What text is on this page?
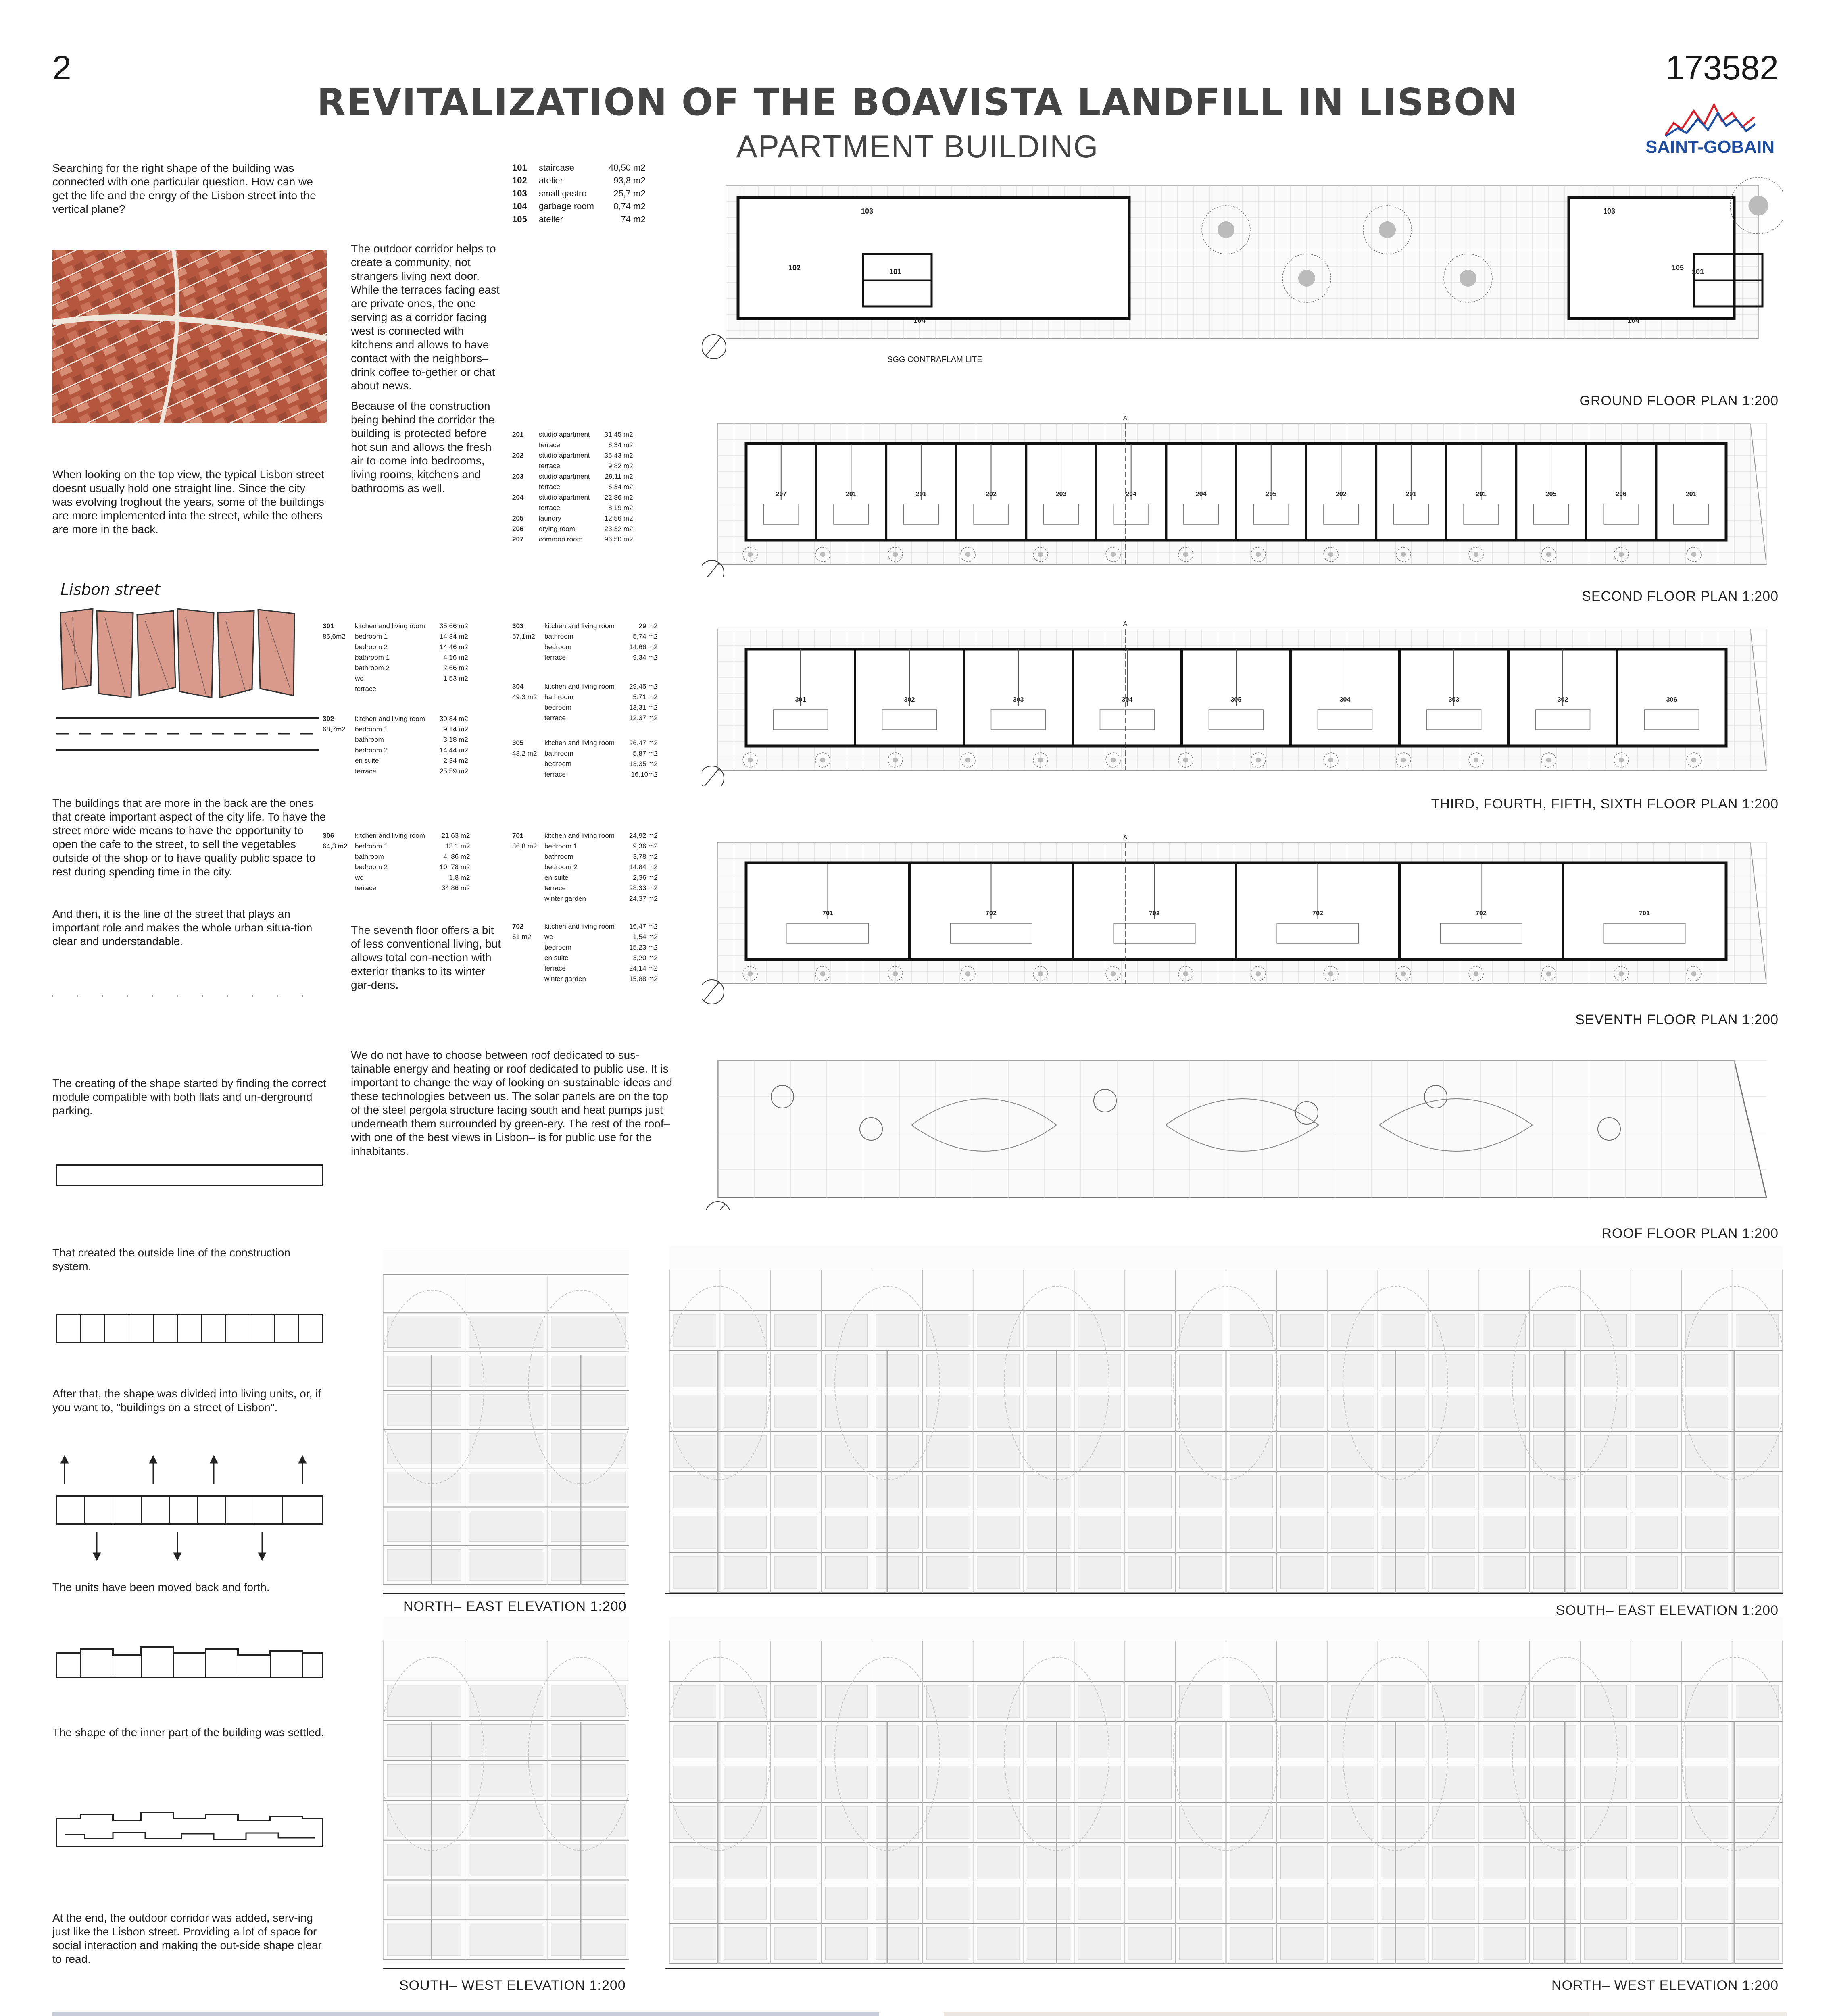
2	173582
REVITALIZATION OF THE BOAVISTA LANDFILL IN LISBON
APARTMENT BUILDING	SAINT-GOBAIN
Searching for the right shape of the building was connected with one particular question. How can we get the life and the enrgy of the Lisbon street into the vertical plane?
When looking on the top view, the typical Lisbon street doesnt usually hold one straight line. Since the city was evolving troghout the years, some of the buildings are more implemented into the street, while the others are more in the back.
Lisbon street
The buildings that are more in the back are the ones that create important aspect of the city life. To have the street more wide means to have the opportunity to open the cafe to the street, to sell the vegetables outside of the shop or to have quality public space to rest during spending time in the city.
And then, it is the line of the street that plays an important role and makes the whole urban situa-tion clear and understandable.
The creating of the shape started by finding the correct module compatible with both flats and un-derground parking.
That created the outside line of the construction system.
After that, the shape was divided into living units, or, if you want to, "buildings on a street of Lisbon".
The units have been moved back and forth.
The shape of the inner part of the building was settled.
At the end, the outdoor corridor was added, serv-ing just like the Lisbon street. Providing a lot of space for social interaction and making the out-side shape clear to read.
The outdoor corridor helps to create a community, not strangers living next door. While the terraces facing east are private ones, the one serving as a corridor facing west is connected with kitchens and allows to have contact with the neighbors– drink coffee to-gether or chat about news.
Because of the construction being behind the corridor the building is protected before hot sun and allows the fresh air to come into bedrooms, living rooms, kitchens and bathrooms as well.
The seventh floor offers a bit of less conventional living, but allows total con-nection with exterior thanks to its winter gar-dens.
We do not have to choose between roof dedicated to sus-tainable energy and heating or roof dedicated to public use. It is important to change the way of looking on sustainable ideas and these technologies between us. The solar panels are on the top of the steel pergola structure facing south and heat pumps just underneath them surrounded by green-ery. The rest of the roof– with one of the best views in Lisbon– is for public use for the inhabitants.
101	staircase	40,50 m2
102	atelier	93,8 m2
103	small gastro	25,7 m2
104	garbage room	8,74 m2
105	atelier	74 m2
201	studio apartment	31,45 m2
	terrace	6,34 m2
202	studio apartment	35,43 m2
	terrace	9,82 m2
203	studio apartment	29,11 m2
	terrace	6,34 m2
204	studio apartment	22,86 m2
	terrace	8,19 m2
205	laundry	12,56 m2
206	drying room	23,32 m2
207	common room	96,50 m2
301	kitchen and living room	35,66 m2
85,6m2	bedroom 1	14,84 m2
	bedroom 2	14,46 m2
	bathroom 1	4,16 m2
	bathroom 2	2,66 m2
	wc	1,53 m2
	terrace	
302	kitchen and living room	30,84 m2
68,7m2	bedroom 1	9,14 m2
	bathroom	3,18 m2
	bedroom 2	14,44 m2
	en suite	2,34 m2
	terrace	25,59 m2
303	kitchen and living room	29 m2
57,1m2	bathroom	5,74 m2
	bedroom	14,66 m2
	terrace	9,34 m2
304	kitchen and living room	29,45 m2
49,3 m2	bathroom	5,71 m2
	bedroom	13,31 m2
	terrace	12,37 m2
305	kitchen and living room	26,47 m2
48,2 m2	bathroom	5,87 m2
	bedroom	13,35 m2
	terrace	16,10m2
306	kitchen and living room	21,63 m2
64,3 m2	bedroom 1	13,1 m2
	bathroom	4, 86 m2
	bedroom 2	10, 78 m2
	wc	1,8 m2
	terrace	34,86 m2
701	kitchen and living room	24,92 m2
86,8 m2	bedroom 1	9,36 m2
	bathroom	3,78 m2
	bedroom 2	14,84 m2
	en suite	2,36 m2
	terrace	28,33 m2
	winter garden	24,37 m2
702	kitchen and living room	16,47 m2
61 m2	wc	1,54 m2
	bedroom	15,23 m2
	en suite	3,20 m2
	terrace	24,14 m2
	winter garden	15,88 m2
103
102	101
104
103
101
104
105
SGG CONTRAFLAM LITE
GROUND FLOOR PLAN 1:200
207	201	201	202	203	204	204	205	202	201	201	205	206	201
A
SECOND FLOOR PLAN 1:200
301	302	303	304	305	304	303	302	306
A
THIRD, FOURTH, FIFTH, SIXTH FLOOR PLAN 1:200
701	702	702	702	702	701
A
SEVENTH FLOOR PLAN 1:200
ROOF FLOOR PLAN 1:200
NORTH– EAST ELEVATION 1:200	SOUTH– EAST ELEVATION 1:200
SOUTH– WEST ELEVATION 1:200	NORTH– WEST ELEVATION 1:200
